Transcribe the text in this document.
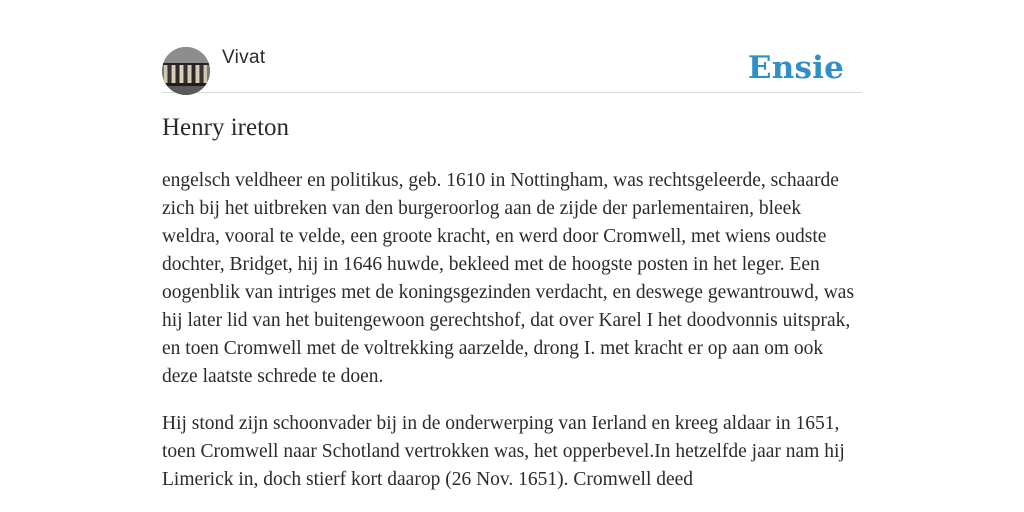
Vivat	Ensie
Henry ireton

engelsch veldheer en politikus, geb. 1610 in Nottingham, was rechtsgeleerde, schaarde zich bij het uitbreken van den burgeroorlog aan de zijde der parlementairen, bleek weldra, vooral te velde, een groote kracht, en werd door Cromwell, met wiens oudste dochter, Bridget, hij in 1646 huwde, bekleed met de hoogste posten in het leger. Een oogenblik van intriges met de koningsgezinden verdacht, en deswege gewantrouwd, was hij later lid van het buitengewoon gerechtshof, dat over Karel I het doodvonnis uitsprak, en toen Cromwell met de voltrekking aarzelde, drong I. met kracht er op aan om ook deze laatste schrede te doen.

Hij stond zijn schoonvader bij in de onderwerping van Ierland en kreeg aldaar in 1651, toen Cromwell naar Schotland vertrokken was, het opperbevel.In hetzelfde jaar nam hij Limerick in, doch stierf kort daarop (26 Nov. 1651). Cromwell deed
